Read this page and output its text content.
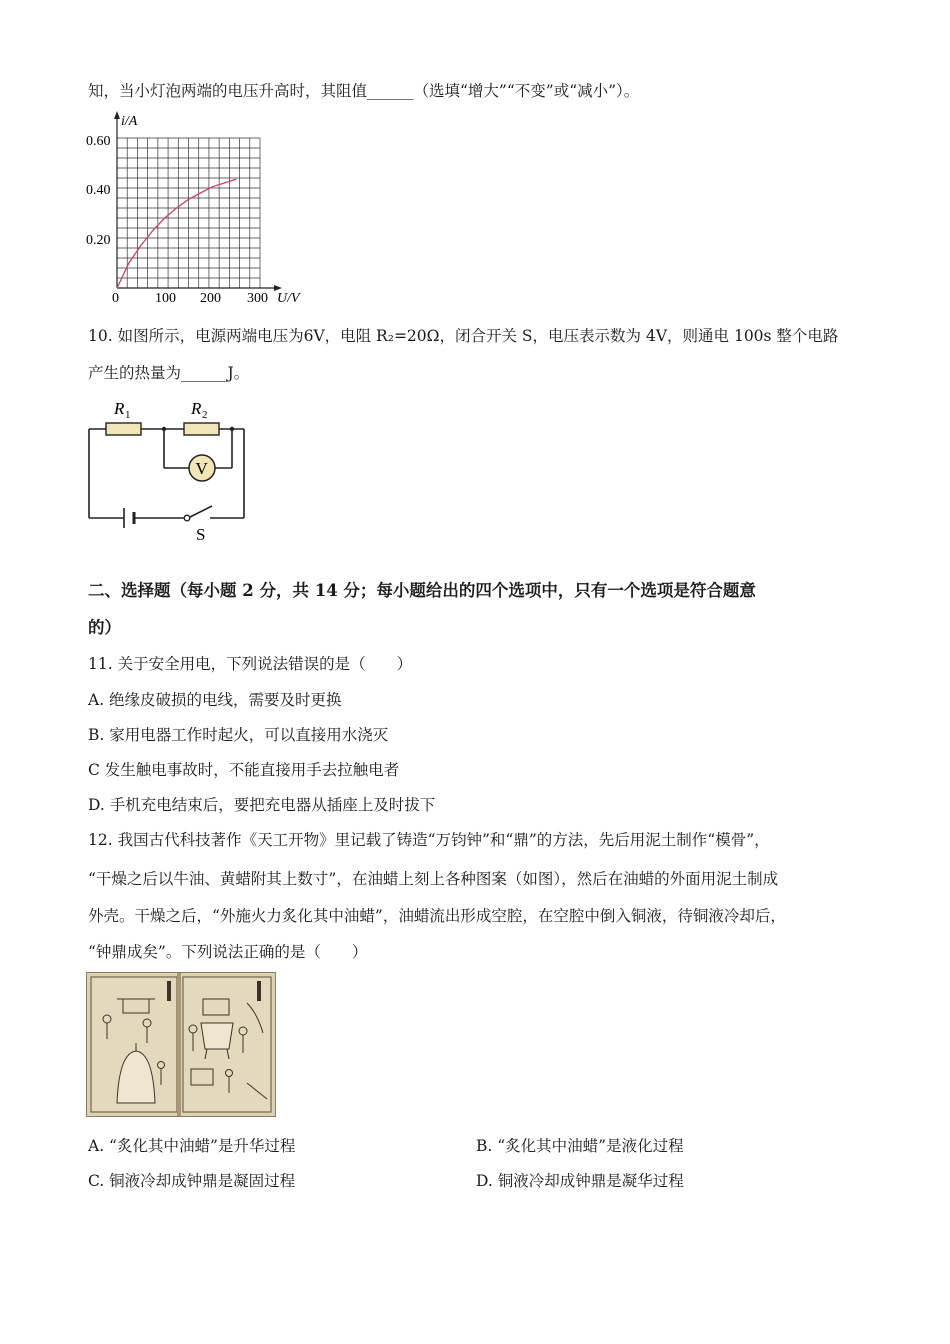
知，当小灯泡两端的电压升高时，其阻值______（选填“增大”“不变”或“减小”）。
i/A
U/V
0.60
0.40
0.20
0	100 200 300
10. 如图所示，电源两端电压为6V，电阻 R₂=20Ω，闭合开关 S，电压表示数为 4V，则通电 100s 整个电路
产生的热量为______J。
V
R 1	R 2
S
二、选择题（每小题 2 分，共 14 分；每小题给出的四个选项中，只有一个选项是符合题意
的）
11. 关于安全用电，下列说法错误的是（　　）
A. 绝缘皮破损的电线，需要及时更换
B. 家用电器工作时起火，可以直接用水浇灭
C 发生触电事故时，不能直接用手去拉触电者
D. 手机充电结束后，要把充电器从插座上及时拔下
12. 我国古代科技著作《天工开物》里记载了铸造“万钧钟”和“鼎”的方法，先后用泥土制作“模骨”，
“干燥之后以牛油、黄蜡附其上数寸”，在油蜡上刻上各种图案（如图），然后在油蜡的外面用泥土制成
外壳。干燥之后，“外施火力炙化其中油蜡”，油蜡流出形成空腔，在空腔中倒入铜液，待铜液冷却后，
“钟鼎成矣”。下列说法正确的是（　　）
A. “炙化其中油蜡”是升华过程	B. “炙化其中油蜡”是液化过程
C. 铜液冷却成钟鼎是凝固过程	D. 铜液冷却成钟鼎是凝华过程
